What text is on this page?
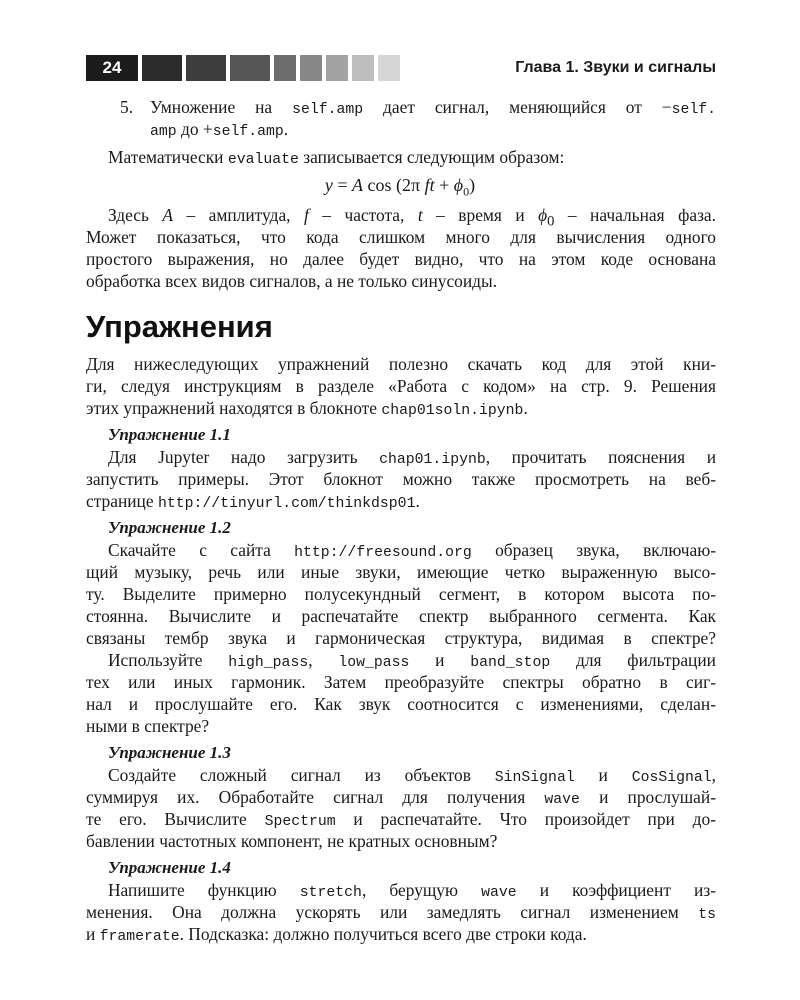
24	Глава 1. Звуки и сигналы
5. Умножение на self.amp дает сигнал, меняющийся от −self.

amp до +self.amp.

Математически evaluate записывается следующим образом:

y = A cos (2π ft + $\phi_0$)

Здесь A – амплитуда, f – частота, t – время и $\phi_0$ – начальная фаза.

Может показаться, что кода слишком много для вычисления одного

простого выражения, но далее будет видно, что на этом коде основана

обработка всех видов сигналов, а не только синусоиды.

Упражнения

Для нижеследующих упражнений полезно скачать код для этой кни-

ги, следуя инструкциям в разделе «Работа с кодом» на стр. 9. Решения

этих упражнений находятся в блокноте chap01soln.ipynb.

Упражнение 1.1

Для Jupyter надо загрузить chap01.ipynb, прочитать пояснения и

запустить примеры. Этот блокнот можно также просмотреть на веб-

странице http://tinyurl.com/thinkdsp01.

Упражнение 1.2

Скачайте с сайта http://freesound.org образец звука, включаю-

щий музыку, речь или иные звуки, имеющие четко выраженную высо-

ту. Выделите примерно полусекундный сегмент, в котором высота по-

стоянна. Вычислите и распечатайте спектр выбранного сегмента. Как

связаны тембр звука и гармоническая структура, видимая в спектре?

Используйте high_pass, low_pass и band_stop для фильтрации

тех или иных гармоник. Затем преобразуйте спектры обратно в сиг-

нал и прослушайте его. Как звук соотносится с изменениями, сделан-

ными в спектре?

Упражнение 1.3

Создайте сложный сигнал из объектов SinSignal и CosSignal,

суммируя их. Обработайте сигнал для получения wave и прослушай-

те его. Вычислите Spectrum и распечатайте. Что произойдет при до-

бавлении частотных компонент, не кратных основным?

Упражнение 1.4

Напишите функцию stretch, берущую wave и коэффициент из-

менения. Она должна ускорять или замедлять сигнал изменением ts

и framerate. Подсказка: должно получиться всего две строки кода.
